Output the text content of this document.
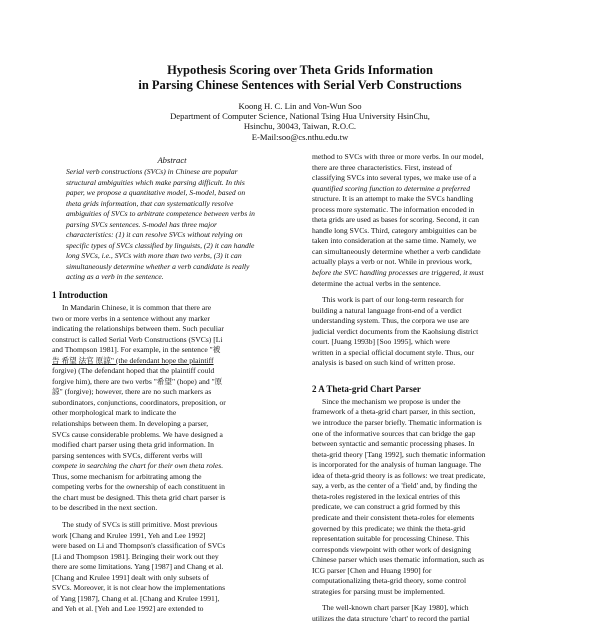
Hypothesis Scoring over Theta Grids Information
in Parsing Chinese Sentences with Serial Verb Constructions
Koong H. C. Lin and Von-Wun Soo
Department of Computer Science, National Tsing Hua University HsinChu,
Hsinchu, 30043, Taiwan, R.O.C.
E-Mail:soo@cs.nthu.edu.tw
Abstract
Serial verb constructions (SVCs) in Chinese are popular
structural ambiguities which make parsing difficult. In this
paper, we propose a quantitative model, S-model, based on
theta grids information, that can systematically resolve
ambiguities of SVCs to arbitrate competence between verbs in
parsing SVCs sentences. S-model has three major
characteristics: (1) it can resolve SVCs without relying on
specific types of SVCs classified by linguists, (2) it can handle
long SVCs, i.e., SVCs with more than two verbs, (3) it can
simultaneously determine whether a verb candidate is really
acting as a verb in the sentence.
1 Introduction
In Mandarin Chinese, it is common that there are
two or more verbs in a sentence without any marker
indicating the relationships between them. Such peculiar
construct is called Serial Verb Constructions (SVCs) [Li
and Thompson 1981]. For example, in the sentence "被
告 希望 法官 原諒" (the defendant hope the plaintiff
forgive) (The defendant hoped that the plaintiff could
forgive him), there are two verbs "希望" (hope) and "原
諒" (forgive); however, there are no such markers as
subordinators, conjunctions, coordinators, preposition, or
other morphological mark to indicate the
relationships between them. In developing a parser,
SVCs cause considerable problems. We have designed a
modified chart parser using theta grid information. In
parsing sentences with SVCs, different verbs will
compete in searching the chart for their own theta roles.
Thus, some mechanism for arbitrating among the
competing verbs for the ownership of each constituent in
the chart must be designed. This theta grid chart parser is
to be described in the next section.
The study of SVCs is still primitive. Most previous
work [Chang and Krulee 1991, Yeh and Lee 1992]
were based on Li and Thompson's classification of SVCs
[Li and Thompson 1981]. Bringing their work out they
there are some limitations. Yang [1987] and Chang et al.
[Chang and Krulee 1991] dealt with only subsets of
SVCs. Moreover, it is not clear how the implementations
of Yang [1987], Chang et al. [Chang and Krulee 1991],
and Yeh et al. [Yeh and Lee 1992] are extended to
method to SVCs with three or more verbs. In our model,
there are three characteristics. First, instead of
classifying SVCs into several types, we make use of a
quantified scoring function to determine a preferred
structure. It is an attempt to make the SVCs handling
process more systematic. The information encoded in
theta grids are used as bases for scoring. Second, it can
handle long SVCs. Third, category ambiguities can be
taken into consideration at the same time. Namely, we
can simultaneously determine whether a verb candidate
actually plays a verb or not. While in previous work,
before the SVC handling processes are triggered, it must
determine the actual verbs in the sentence.
This work is part of our long-term research for
building a natural language front-end of a verdict
understanding system. Thus, the corpora we use are
judicial verdict documents from the Kaohsiung district
court. [Juang 1993b] [Soo 1995], which were
written in a special official document style. Thus, our
analysis is based on such kind of written prose.
2 A Theta-grid Chart Parser
Since the mechanism we propose is under the
framework of a theta-grid chart parser, in this section,
we introduce the parser briefly. Thematic information is
one of the informative sources that can bridge the gap
between syntactic and semantic processing phases. In
theta-grid theory [Tang 1992], such thematic information
is incorporated for the analysis of human language. The
idea of theta-grid theory is as follows: we treat predicate,
say, a verb, as the center of a 'field' and, by finding the
theta-roles registered in the lexical entries of this
predicate, we can construct a grid formed by this
predicate and their consistent theta-roles for elements
governed by this predicate; we think the theta-grid
representation suitable for processing Chinese. This
corresponds viewpoint with other work of designing
Chinese parser which uses thematic information, such as
ICG parser [Chen and Huang 1990] for
computationalizing theta-grid theory, some control
strategies for parsing must be implemented.
The well-known chart parser [Kay 1980], which
utilizes the data structure 'chart' to record the partial
